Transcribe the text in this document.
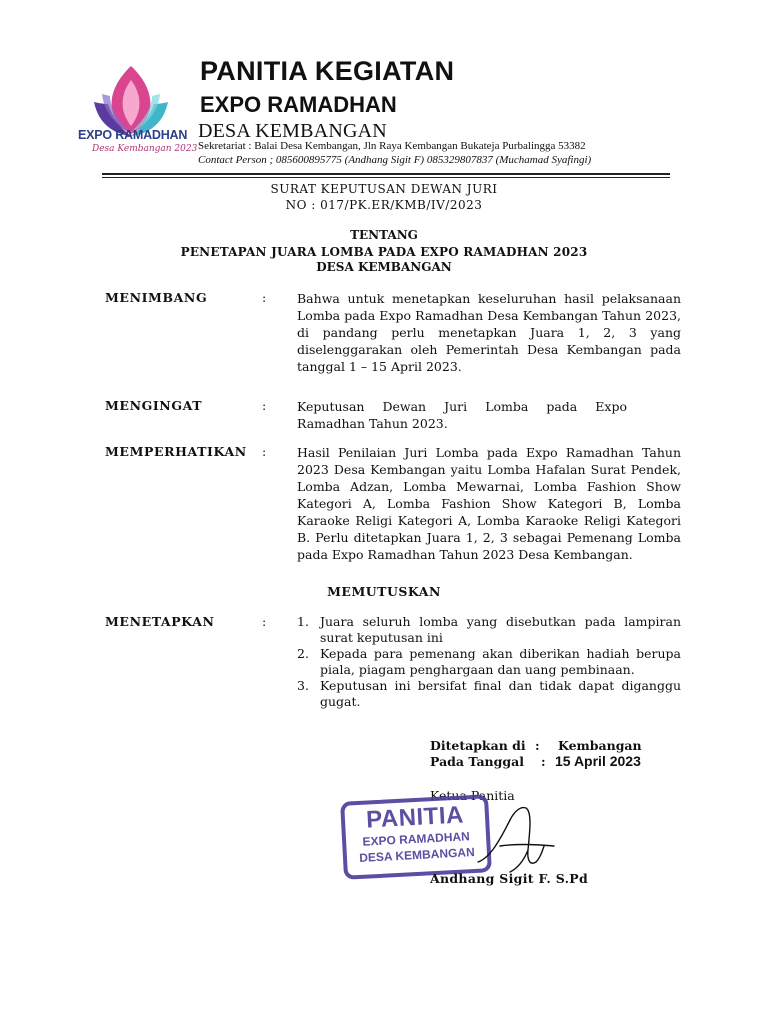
EXPO RAMADHAN
Desa Kembangan 2023
PANITIA KEGIATAN
EXPO RAMADHAN
DESA KEMBANGAN
Sekretariat : Balai Desa Kembangan, Jln Raya Kembangan Bukateja Purbalingga 53382
Contact Person ; 085600895775 (Andhang Sigit F) 085329807837 (Muchamad Syafingi)
SURAT KEPUTUSAN DEWAN JURI
NO : 017/PK.ER/KMB/IV/2023
TENTANG
PENETAPAN JUARA LOMBA PADA EXPO RAMADHAN 2023
DESA KEMBANGAN
MENIMBANG	: Bahwa untuk menetapkan keseluruhan hasil pelaksanaan Lomba pada Expo Ramadhan Desa Kembangan Tahun 2023, di pandang perlu menetapkan Juara 1, 2, 3 yang diselenggarakan oleh Pemerintah Desa Kembangan pada tanggal 1 – 15 April 2023.
MENGINGAT	: Keputusan Dewan Juri Lomba pada Expo Ramadhan Tahun 2023.
MEMPERHATIKAN : Hasil Penilaian Juri Lomba pada Expo Ramadhan Tahun 2023 Desa Kembangan yaitu Lomba Hafalan Surat Pendek, Lomba Adzan, Lomba Mewarnai, Lomba Fashion Show Kategori A, Lomba Fashion Show Kategori B, Lomba Karaoke Religi Kategori A, Lomba Karaoke Religi Kategori B. Perlu ditetapkan Juara 1, 2, 3 sebagai Pemenang Lomba pada Expo Ramadhan Tahun 2023 Desa Kembangan.
MEMUTUSKAN
MENETAPKAN	: 1. Juara seluruh lomba yang disebutkan pada lampiran surat keputusan ini
2. Kepada para pemenang akan diberikan hadiah berupa piala, piagam penghargaan dan uang pembinaan.
3. Keputusan ini bersifat final dan tidak dapat diganggu gugat.
Ditetapkan di : Kembangan
Pada Tanggal : 15 April 2023
Ketua Panitia
PANITIA
EXPO RAMADHAN
DESA KEMBANGAN
Andhang Sigit F. S.Pd
